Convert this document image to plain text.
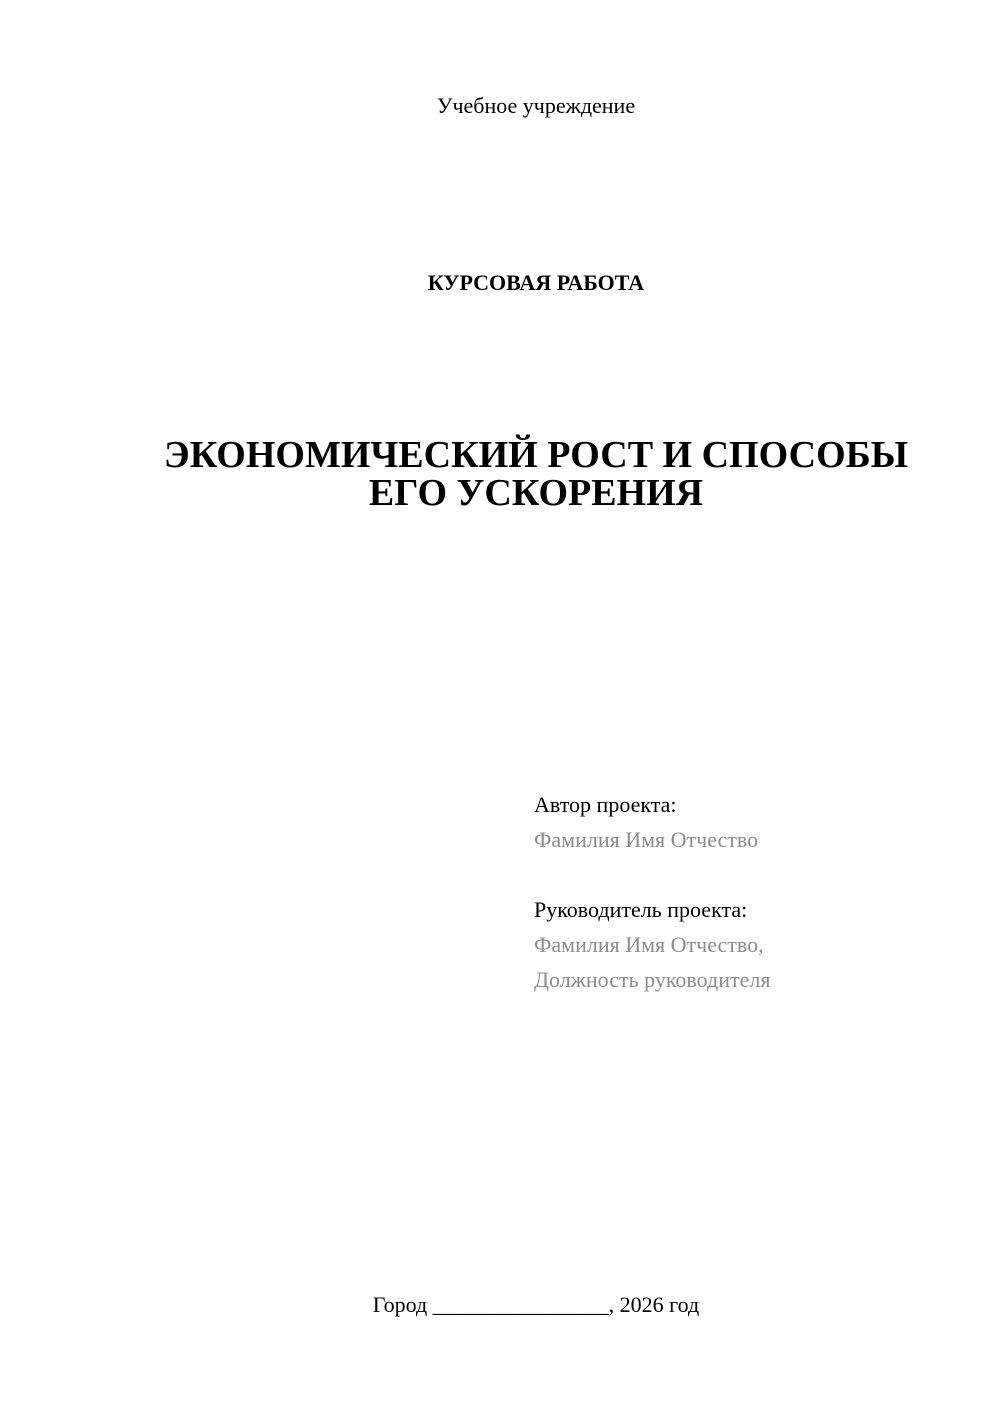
Учебное учреждение
КУРСОВАЯ РАБОТА
ЭКОНОМИЧЕСКИЙ РОСТ И СПОСОБЫ
ЕГО УСКОРЕНИЯ
Автор проекта:
Фамилия Имя Отчество
Руководитель проекта:
Фамилия Имя Отчество,
Должность руководителя
Город ________________, 2026 год
